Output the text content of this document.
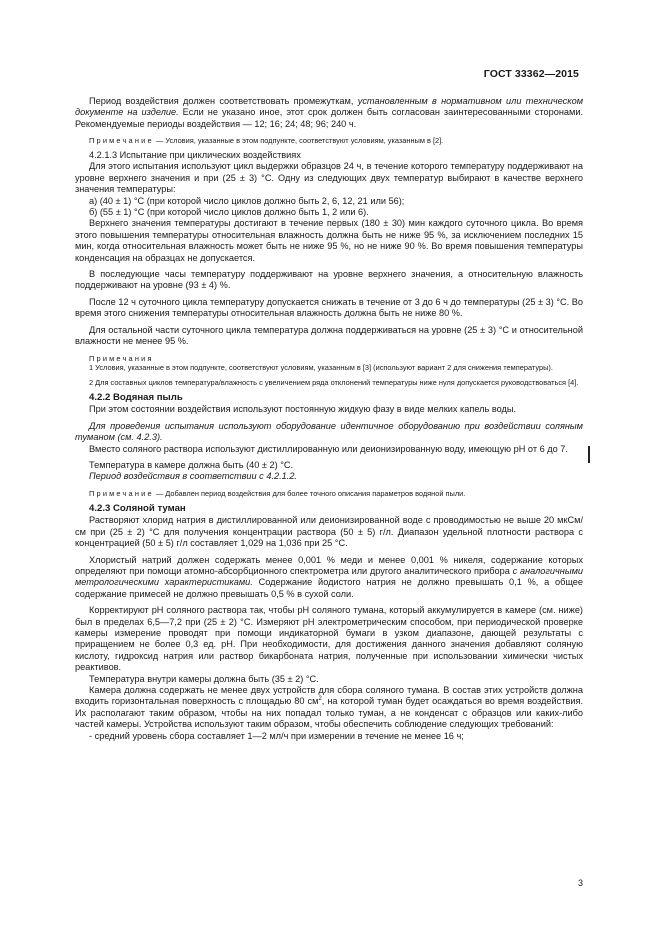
ГОСТ 33362—2015

Период воздействия должен соответствовать промежуткам, установленным в нормативном или техническом документе на изделие. Если не указано иное, этот срок должен быть согласован заинтересованными сторонами. Рекомендуемые периоды воздействия — 12; 16; 24; 48; 96; 240 ч.

Примечание — Условия, указанные в этом подпункте, соответствуют условиям, указанным в [2].

4.2.1.3 Испытание при циклических воздействиях

Для этого испытания используют цикл выдержки образцов 24 ч, в течение которого температуру поддерживают на уровне верхнего значения и при (25 ± 3) °С. Одну из следующих двух температур выбирают в качестве верхнего значения температуры:

а) (40 ± 1) °С (при которой число циклов должно быть 2, 6, 12, 21 или 56);

б) (55 ± 1) °С (при которой число циклов должно быть 1, 2 или 6).

Верхнего значения температуры достигают в течение первых (180 ± 30) мин каждого суточного цикла. Во время этого повышения температуры относительная влажность должна быть не ниже 95 %, за исключением последних 15 мин, когда относительная влажность может быть не ниже 95 %, но не ниже 90 %. Во время повышения температуры конденсация на образцах не допускается.

В последующие часы температуру поддерживают на уровне верхнего значения, а относительную влажность поддерживают на уровне (93 ± 4) %.

После 12 ч суточного цикла температуру допускается снижать в течение от 3 до 6 ч до температуры (25 ± 3) °С. Во время этого снижения температуры относительная влажность должна быть не ниже 80 %.

Для остальной части суточного цикла температура должна поддерживаться на уровне (25 ± 3) °С и относительной влажности не менее 95 %.

Примечания

1 Условия, указанные в этом подпункте, соответствуют условиям, указанным в [3] (используют вариант 2 для снижения температуры).

2 Для составных циклов температура/влажность с увеличением ряда отклонений температуры ниже нуля допускается руководствоваться [4].

4.2.2 Водяная пыль

При этом состоянии воздействия используют постоянную жидкую фазу в виде мелких капель воды.

Для проведения испытания используют оборудование идентичное оборудованию при воздействии соляным туманом (см. 4.2.3).

Вместо соляного раствора используют дистиллированную или деионизированную воду, имеющую pH от 6 до 7.

Температура в камере должна быть (40 ± 2) °С.

Период воздействия в соответствии с 4.2.1.2.

Примечание — Добавлен период воздействия для более точного описания параметров водяной пыли.

4.2.3 Соляной туман

Растворяют хлорид натрия в дистиллированной или деионизированной воде с проводимостью не выше 20 мкСм/см при (25 ± 2) °С для получения концентрации раствора (50 ± 5) г/л. Диапазон удельной плотности раствора с концентрацией (50 ± 5) г/л составляет 1,029 на 1,036 при 25 °С.

Хлористый натрий должен содержать менее 0,001 % меди и менее 0,001 % никеля, содержание которых определяют при помощи атомно-абсорбционного спектрометра или другого аналитического прибора с аналогичными метрологическими характеристиками. Содержание йодистого натрия не должно превышать 0,1 %, а общее содержание примесей не должно превышать 0,5 % в сухой соли.

Корректируют pH соляного раствора так, чтобы pH соляного тумана, который аккумулируется в камере (см. ниже) был в пределах 6,5—7,2 при (25 ± 2) °С. Измеряют pH электрометрическим способом, при периодической проверке камеры измерение проводят при помощи индикаторной бумаги в узком диапазоне, дающей результаты с приращением не более 0,3 ед. pH. При необходимости, для достижения данного значения добавляют соляную кислоту, гидроксид натрия или раствор бикарбоната натрия, полученные при использовании химически чистых реактивов.

Температура внутри камеры должна быть (35 ± 2) °С.

Камера должна содержать не менее двух устройств для сбора соляного тумана. В состав этих устройств должна входить горизонтальная поверхность с площадью 80 $см^2$, на которой туман будет осаждаться во время воздействия. Их располагают таким образом, чтобы на них попадал только туман, а не конденсат с образцов или каких-либо частей камеры. Устройства используют таким образом, чтобы обеспечить соблюдение следующих требований:

- средний уровень сбора составляет 1—2 мл/ч при измерении в течение не менее 16 ч;

3
